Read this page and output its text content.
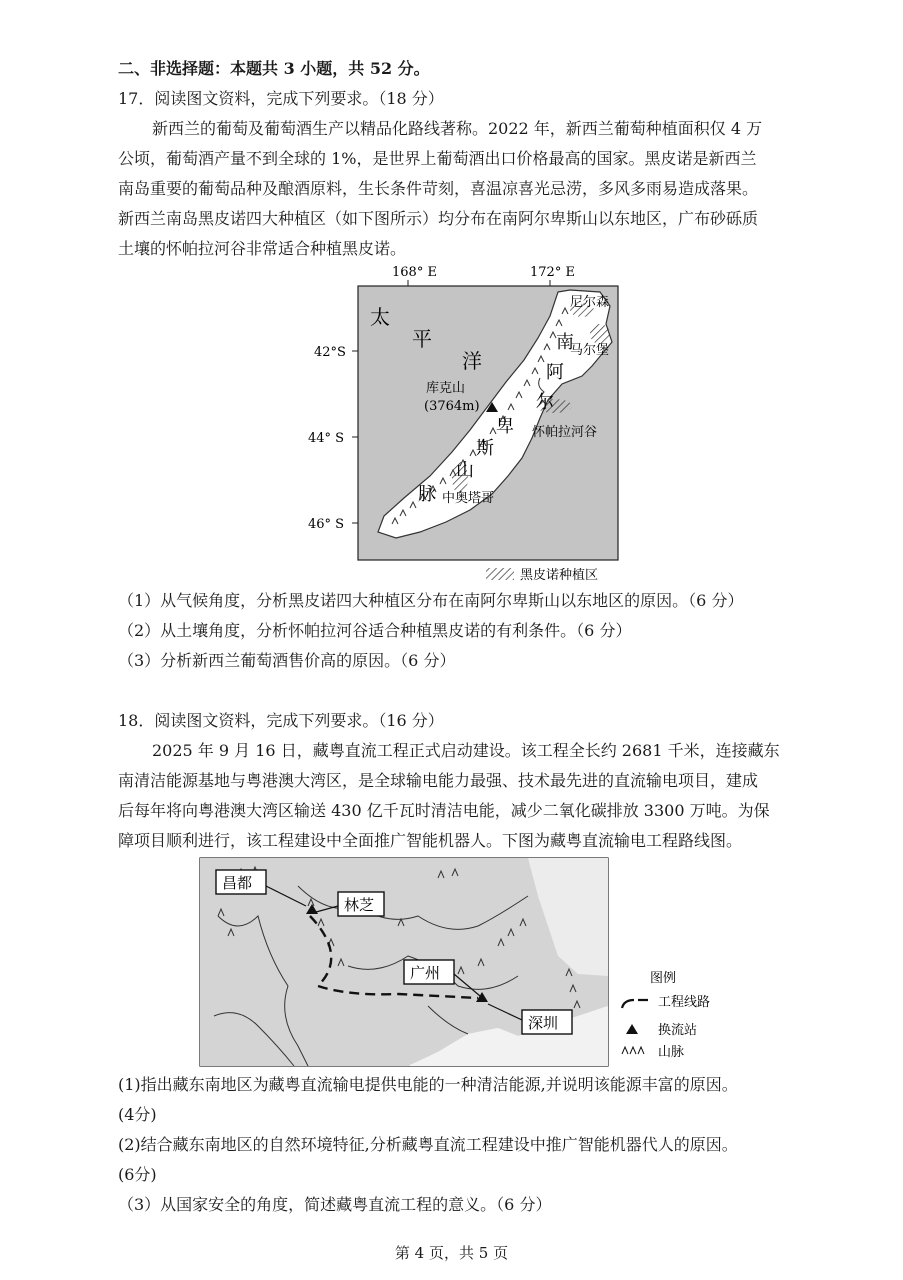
二、非选择题：本题共 3 小题，共 52 分。
17．阅读图文资料，完成下列要求。（18 分）
新西兰的葡萄及葡萄酒生产以精品化路线著称。2022 年，新西兰葡萄种植面积仅 4 万
公顷，葡萄酒产量不到全球的 1%，是世界上葡萄酒出口价格最高的国家。黑皮诺是新西兰
南岛重要的葡萄品种及酿酒原料，生长条件苛刻，喜温凉喜光忌涝，多风多雨易造成落果。
新西兰南岛黑皮诺四大种植区（如下图所示）均分布在南阿尔卑斯山以东地区，广布砂砾质
土壤的怀帕拉河谷非常适合种植黑皮诺。
168° E	172° E
42°S
44° S
46° S
太
平
洋
南
阿
尔
卑
斯
山
脉
库克山
(3764m)
尼尔森
马尔堡
怀帕拉河谷
中奥塔哥
黑皮诺种植区
（1）从气候角度，分析黑皮诺四大种植区分布在南阿尔卑斯山以东地区的原因。（6 分）
（2）从土壤角度，分析怀帕拉河谷适合种植黑皮诺的有利条件。（6 分）
（3）分析新西兰葡萄酒售价高的原因。（6 分）
18．阅读图文资料，完成下列要求。（16 分）
2025 年 9 月 16 日，藏粤直流工程正式启动建设。该工程全长约 2681 千米，连接藏东
南清洁能源基地与粤港澳大湾区，是全球输电能力最强、技术最先进的直流输电项目，建成
后每年将向粤港澳大湾区输送 430 亿千瓦时清洁电能，减少二氧化碳排放 3300 万吨。为保
障项目顺利进行，该工程建设中全面推广智能机器人。下图为藏粤直流输电工程路线图。
昌都
林芝
广州
深圳
图例
工程线路
换流站
山脉
(1)指出藏东南地区为藏粤直流输电提供电能的一种清洁能源,并说明该能源丰富的原因。
(4分)
(2)结合藏东南地区的自然环境特征,分析藏粤直流工程建设中推广智能机器代人的原因。
(6分)
（3）从国家安全的角度，简述藏粤直流工程的意义。（6 分）
第 4 页，共 5 页
